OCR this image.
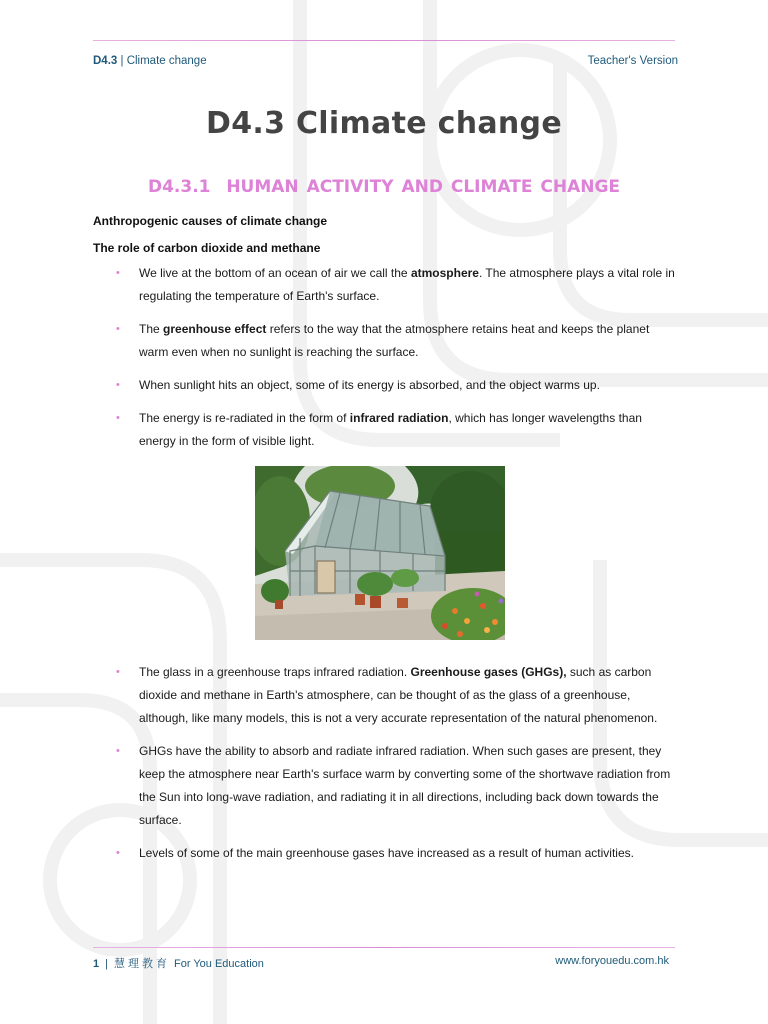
D4.3 | Climate change	Teacher's Version
D4.3 Climate change
D4.3.1 HUMAN ACTIVITY AND CLIMATE CHANGE
Anthropogenic causes of climate change
The role of carbon dioxide and methane
• We live at the bottom of an ocean of air we call the atmosphere. The atmosphere plays a vital role in regulating the temperature of Earth's surface.
• The greenhouse effect refers to the way that the atmosphere retains heat and keeps the planet warm even when no sunlight is reaching the surface.
• When sunlight hits an object, some of its energy is absorbed, and the object warms up.
• The energy is re-radiated in the form of infrared radiation, which has longer wavelengths than energy in the form of visible light.
• The glass in a greenhouse traps infrared radiation. Greenhouse gases (GHGs), such as carbon dioxide and methane in Earth's atmosphere, can be thought of as the glass of a greenhouse, although, like many models, this is not a very accurate representation of the natural phenomenon.
• GHGs have the ability to absorb and radiate infrared radiation. When such gases are present, they keep the atmosphere near Earth's surface warm by converting some of the shortwave radiation from the Sun into long-wave radiation, and radiating it in all directions, including back down towards the surface.
• Levels of some of the main greenhouse gases have increased as a result of human activities.
1 | 慧理教育 For You Education	www.foryouedu.com.hk
